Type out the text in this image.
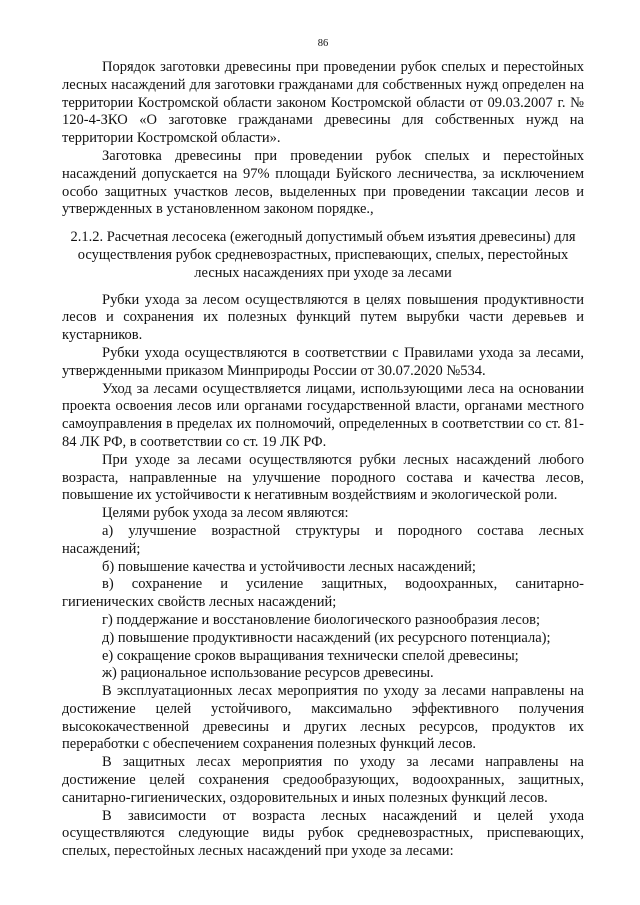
86

Порядок заготовки древесины при проведении рубок спелых и перестойных лесных насаждений для заготовки гражданами для собственных нужд определен на территории Костромской области законом Костромской области от 09.03.2007 г. № 120-4-ЗКО «О заготовке гражданами древесины для собственных нужд на территории Костромской области».

Заготовка древесины при проведении рубок спелых и перестойных насаждений допускается на 97% площади Буйского лесничества, за исключением особо защитных участков лесов, выделенных при проведении таксации лесов и утвержденных в установленном законом порядке.,

2.1.2. Расчетная лесосека (ежегодный допустимый объем изъятия древесины) для осуществления рубок средневозрастных, приспевающих, спелых, перестойных лесных насаждениях при уходе за лесами

Рубки ухода за лесом осуществляются в целях повышения продуктивности лесов и сохранения их полезных функций путем вырубки части деревьев и кустарников.

Рубки ухода осуществляются в соответствии с Правилами ухода за лесами, утвержденными приказом Минприроды России от 30.07.2020 №534.

Уход за лесами осуществляется лицами, использующими леса на основании проекта освоения лесов или органами государственной власти, органами местного самоуправления в пределах их полномочий, определенных в соответствии со ст. 81-84 ЛК РФ, в соответствии со ст. 19 ЛК РФ.

При уходе за лесами осуществляются рубки лесных насаждений любого возраста, направленные на улучшение породного состава и качества лесов, повышение их устойчивости к негативным воздействиям и экологической роли.

Целями рубок ухода за лесом являются:

а) улучшение возрастной структуры и породного состава лесных насаждений;

б) повышение качества и устойчивости лесных насаждений;

в) сохранение и усиление защитных, водоохранных, санитарно-гигиенических свойств лесных насаждений;

г) поддержание и восстановление биологического разнообразия лесов;

д) повышение продуктивности насаждений (их ресурсного потенциала);

е) сокращение сроков выращивания технически спелой древесины;

ж) рациональное использование ресурсов древесины.

В эксплуатационных лесах мероприятия по уходу за лесами направлены на достижение целей устойчивого, максимально эффективного получения высококачественной древесины и других лесных ресурсов, продуктов их переработки с обеспечением сохранения полезных функций лесов.

В защитных лесах мероприятия по уходу за лесами направлены на достижение целей сохранения средообразующих, водоохранных, защитных, санитарно-гигиенических, оздоровительных и иных полезных функций лесов.

В зависимости от возраста лесных насаждений и целей ухода осуществляются следующие виды рубок средневозрастных, приспевающих, спелых, перестойных лесных насаждений при уходе за лесами:
